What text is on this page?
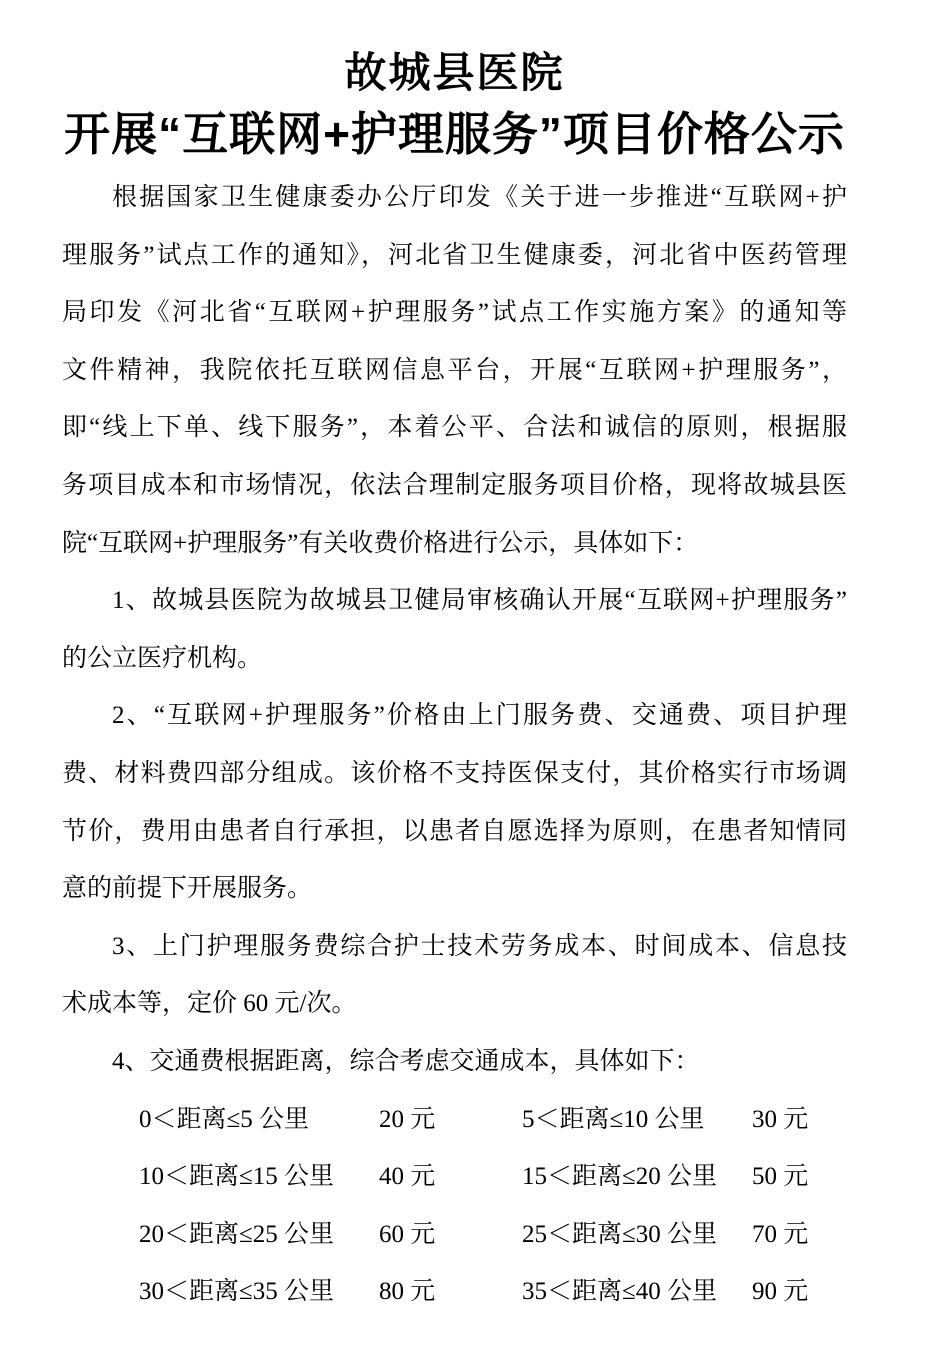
故城县医院
开展“互联网+护理服务”项目价格公示
根据国家卫生健康委办公厅印发《关于进一步推进“互联网+护
理服务”试点工作的通知》，河北省卫生健康委，河北省中医药管理
局印发《河北省“互联网+护理服务”试点工作实施方案》的通知等
文件精神，我院依托互联网信息平台，开展“互联网+护理服务”，
即“线上下单、线下服务”，本着公平、合法和诚信的原则，根据服
务项目成本和市场情况，依法合理制定服务项目价格，现将故城县医
院“互联网+护理服务”有关收费价格进行公示，具体如下：
1、故城县医院为故城县卫健局审核确认开展“互联网+护理服务”
的公立医疗机构。
2、“互联网+护理服务”价格由上门服务费、交通费、项目护理
费、材料费四部分组成。该价格不支持医保支付，其价格实行市场调
节价，费用由患者自行承担，以患者自愿选择为原则，在患者知情同
意的前提下开展服务。
3、上门护理服务费综合护士技术劳务成本、时间成本、信息技
术成本等，定价 60 元/次。
4、交通费根据距离，综合考虑交通成本，具体如下：
0＜距离≤5 公里	20 元	5＜距离≤10 公里	30 元
10＜距离≤15 公里	40 元	15＜距离≤20 公里	50 元
20＜距离≤25 公里	60 元	25＜距离≤30 公里	70 元
30＜距离≤35 公里	80 元	35＜距离≤40 公里	90 元
